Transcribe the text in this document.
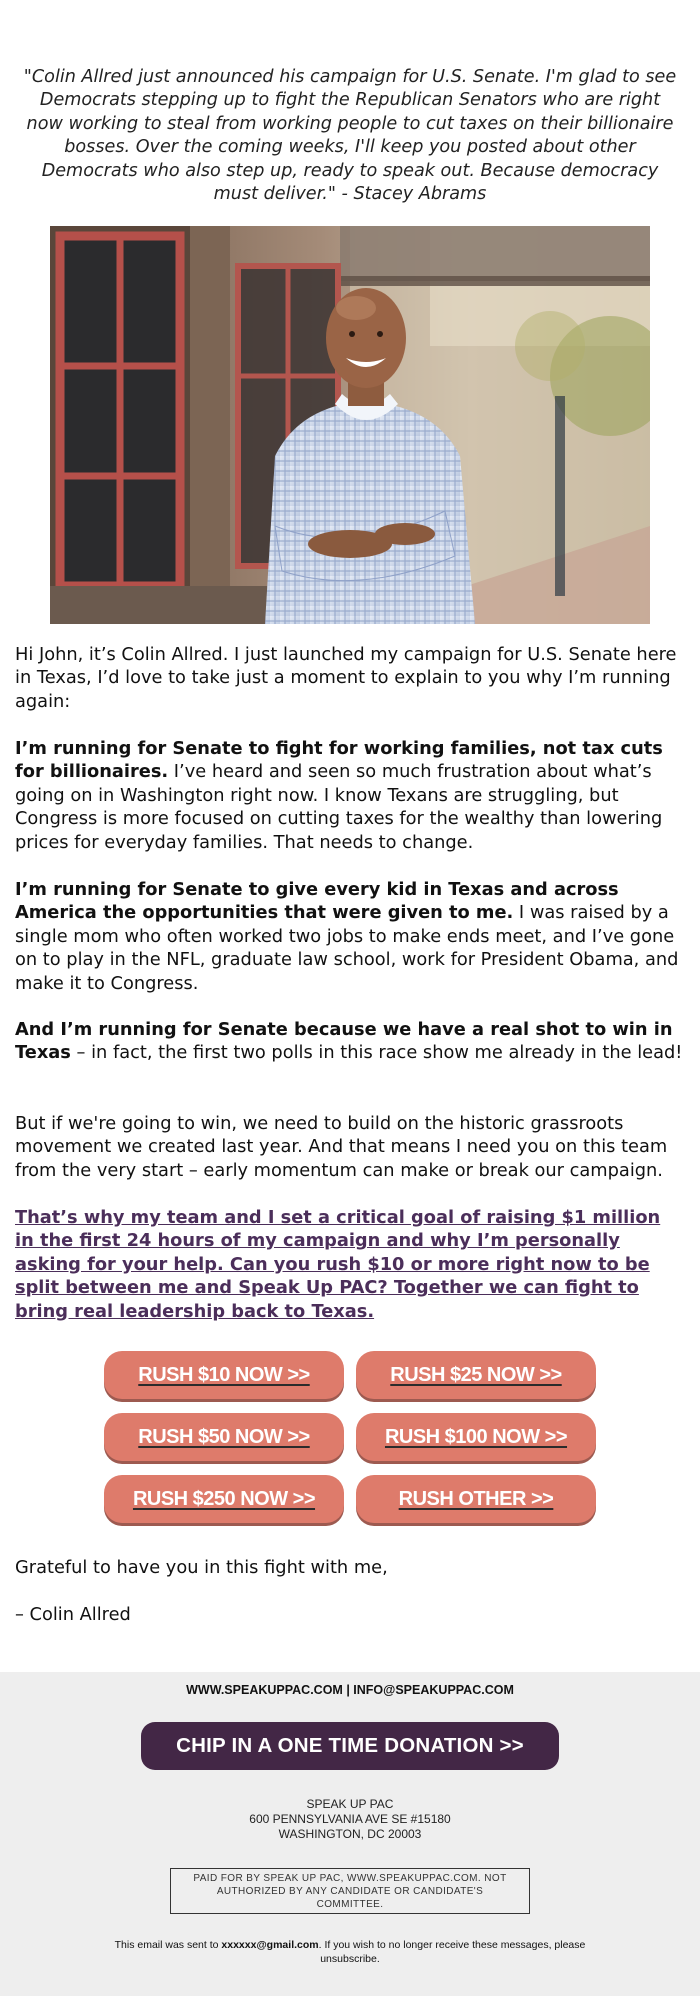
"Colin Allred just announced his campaign for U.S. Senate. I'm glad to see Democrats stepping up to fight the Republican Senators who are right now working to steal from working people to cut taxes on their billionaire bosses. Over the coming weeks, I'll keep you posted about other Democrats who also step up, ready to speak out. Because democracy must deliver." - Stacey Abrams

Hi John, it’s Colin Allred. I just launched my campaign for U.S. Senate here in Texas, I’d love to take just a moment to explain to you why I’m running again:

I’m running for Senate to fight for working families, not tax cuts for billionaires. I’ve heard and seen so much frustration about what’s going on in Washington right now. I know Texans are struggling, but Congress is more focused on cutting taxes for the wealthy than lowering prices for everyday families. That needs to change.

I’m running for Senate to give every kid in Texas and across America the opportunities that were given to me. I was raised by a single mom who often worked two jobs to make ends meet, and I’ve gone on to play in the NFL, graduate law school, work for President Obama, and make it to Congress.

And I’m running for Senate because we have a real shot to win in Texas – in fact, the first two polls in this race show me already in the lead!

But if we're going to win, we need to build on the historic grassroots movement we created last year. And that means I need you on this team from the very start – early momentum can make or break our campaign.

That’s why my team and I set a critical goal of raising $1 million in the first 24 hours of my campaign and why I’m personally asking for your help. Can you rush $10 or more right now to be split between me and Speak Up PAC? Together we can fight to bring real leadership back to Texas.

RUSH $10 NOW >>	RUSH $25 NOW >>
RUSH $50 NOW >>	RUSH $100 NOW >>
RUSH $250 NOW >>	RUSH OTHER >>

Grateful to have you in this fight with me,

– Colin Allred

WWW.SPEAKUPPAC.COM | INFO@SPEAKUPPAC.COM
CHIP IN A ONE TIME DONATION >>
SPEAK UP PAC
600 PENNSYLVANIA AVE SE #15180
WASHINGTON, DC 20003
PAID FOR BY SPEAK UP PAC, WWW.SPEAKUPPAC.COM. NOT AUTHORIZED BY ANY CANDIDATE OR CANDIDATE'S COMMITTEE.

This email was sent to xxxxxx@gmail.com. If you wish to no longer receive these messages, please unsubscribe.
